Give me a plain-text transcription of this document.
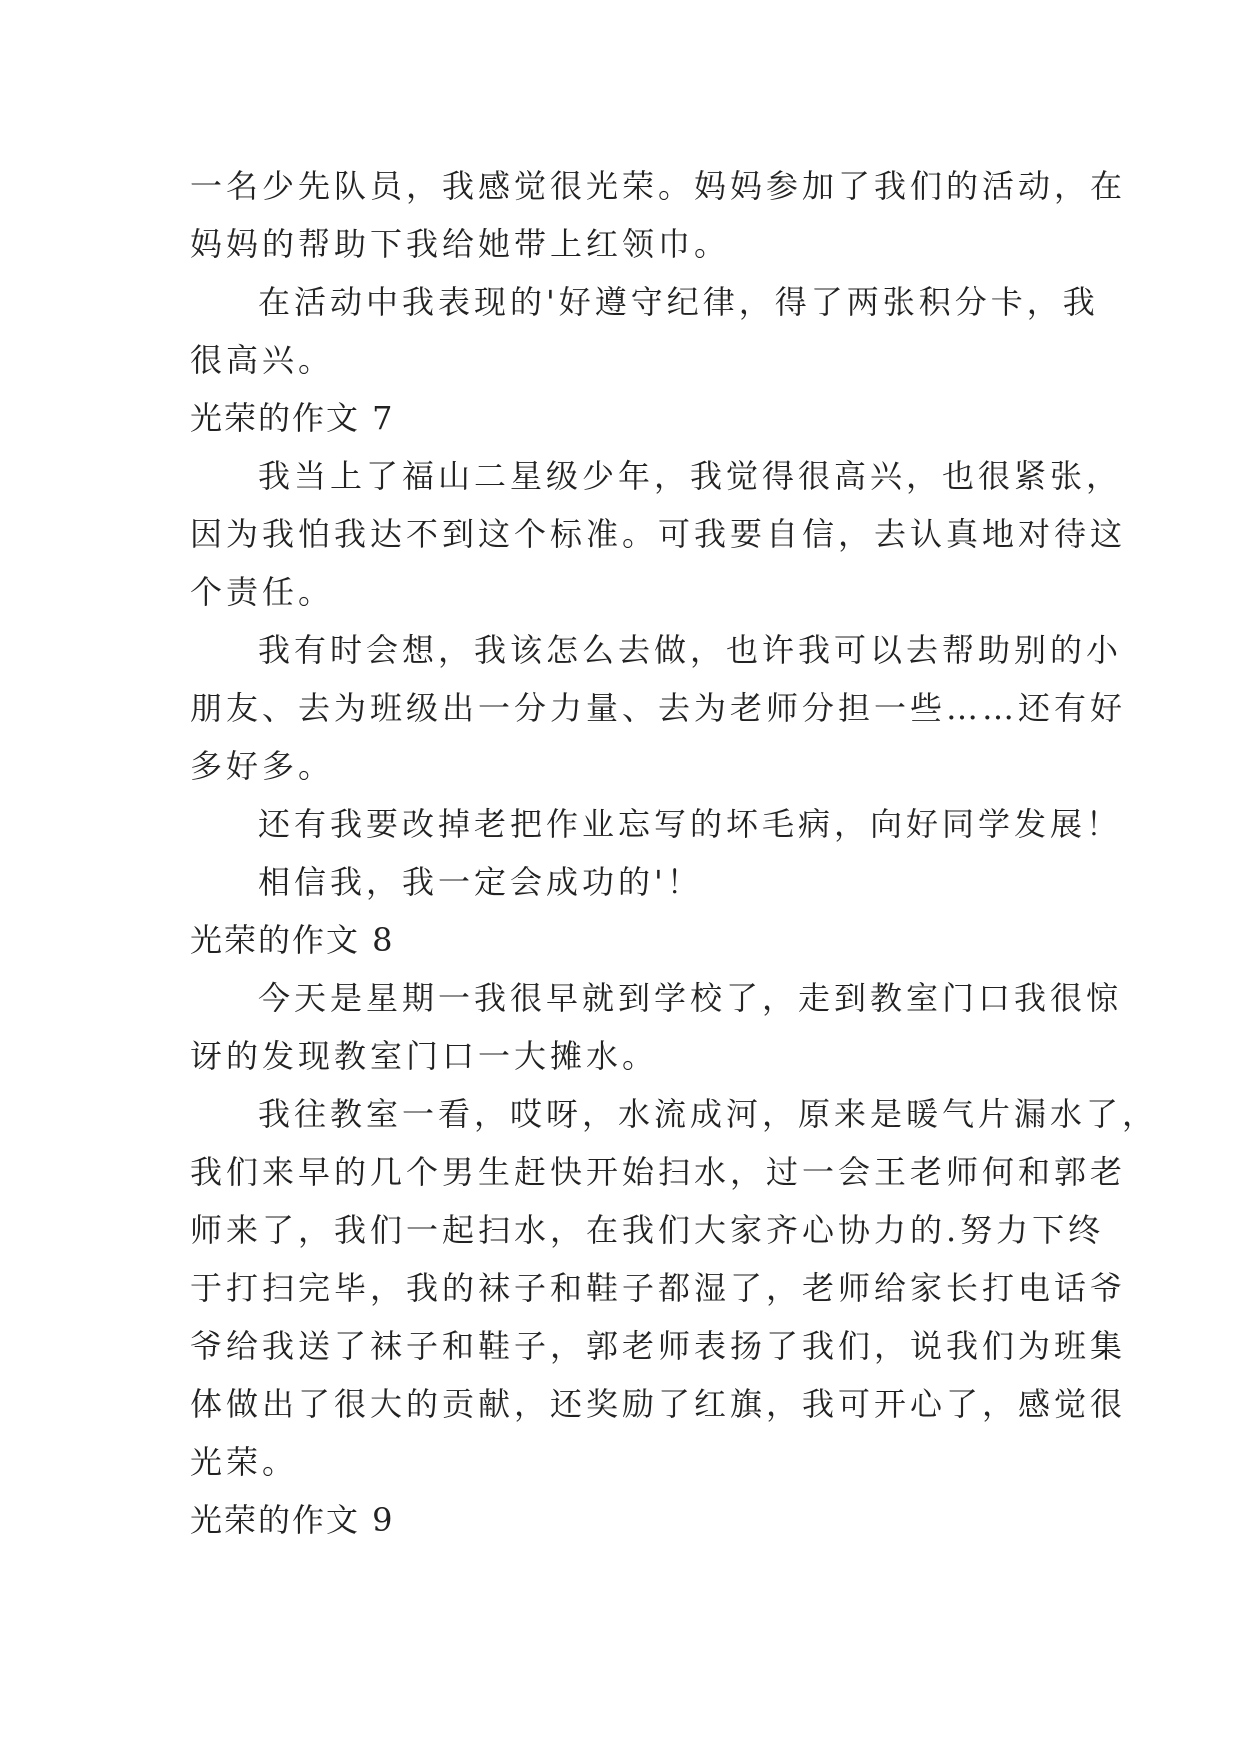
一名少先队员，我感觉很光荣。妈妈参加了我们的活动，在
妈妈的帮助下我给她带上红领巾。
在活动中我表现的'好遵守纪律，得了两张积分卡，我
很高兴。
光荣的作文 7
我当上了福山二星级少年，我觉得很高兴，也很紧张，
因为我怕我达不到这个标准。可我要自信，去认真地对待这
个责任。
我有时会想，我该怎么去做，也许我可以去帮助别的小
朋友、去为班级出一分力量、去为老师分担一些……还有好
多好多。
还有我要改掉老把作业忘写的坏毛病，向好同学发展！
相信我，我一定会成功的'！
光荣的作文 8
今天是星期一我很早就到学校了，走到教室门口我很惊
讶的发现教室门口一大摊水。
我往教室一看，哎呀，水流成河，原来是暖气片漏水了，
我们来早的几个男生赶快开始扫水，过一会王老师何和郭老
师来了，我们一起扫水，在我们大家齐心协力的.努力下终
于打扫完毕，我的袜子和鞋子都湿了，老师给家长打电话爷
爷给我送了袜子和鞋子，郭老师表扬了我们，说我们为班集
体做出了很大的贡献，还奖励了红旗，我可开心了，感觉很
光荣。
光荣的作文 9
